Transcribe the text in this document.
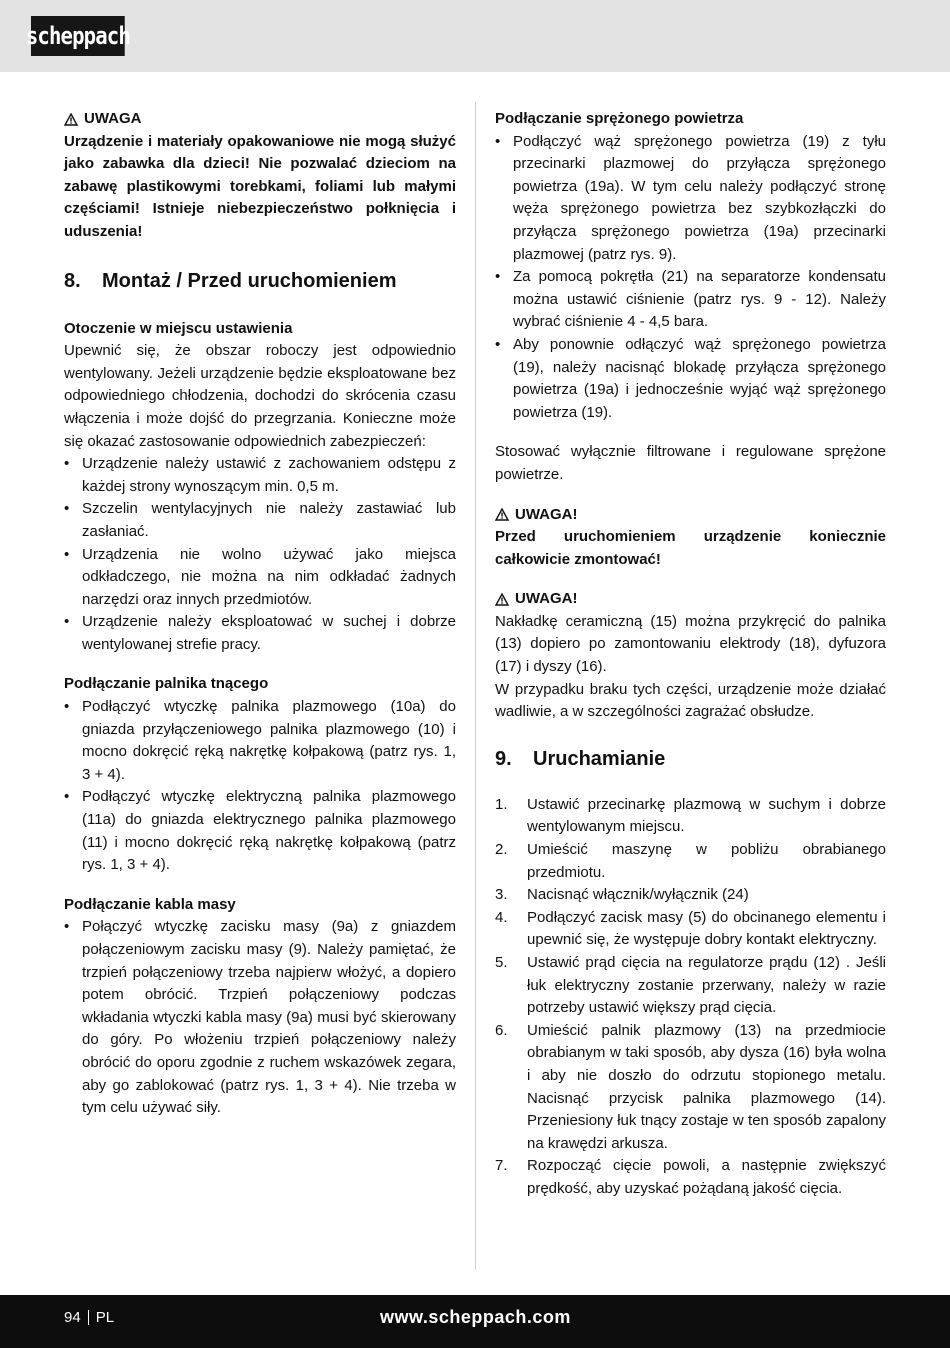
scheppach
UWAGA

Urządzenie i materiały opakowaniowe nie mogą służyć jako zabawka dla dzieci! Nie pozwalać dzieciom na zabawę plastikowymi torebkami, foliami lub małymi częściami! Istnieje niebezpieczeństwo połknięcia i uduszenia!

8.	Montaż / Przed uruchomieniem

Otoczenie w miejscu ustawienia

Upewnić się, że obszar roboczy jest odpowiednio wentylowany. Jeżeli urządzenie będzie eksploatowane bez odpowiedniego chłodzenia, dochodzi do skrócenia czasu włączenia i może dojść do przegrzania. Konieczne może się okazać zastosowanie odpowiednich zabezpieczeń:

• Urządzenie należy ustawić z zachowaniem odstępu z każdej strony wynoszącym min. 0,5 m.
• Szczelin wentylacyjnych nie należy zastawiać lub zasłaniać.
• Urządzenia nie wolno używać jako miejsca odkładczego, nie można na nim odkładać żadnych narzędzi oraz innych przedmiotów.
• Urządzenie należy eksploatować w suchej i dobrze wentylowanej strefie pracy.

Podłączanie palnika tnącego

• Podłączyć wtyczkę palnika plazmowego (10a) do gniazda przyłączeniowego palnika plazmowego (10) i mocno dokręcić ręką nakrętkę kołpakową (patrz rys. 1, 3 + 4).
• Podłączyć wtyczkę elektryczną palnika plazmowego (11a) do gniazda elektrycznego palnika plazmowego (11) i mocno dokręcić ręką nakrętkę kołpakową (patrz rys. 1, 3 + 4).

Podłączanie kabla masy

• Połączyć wtyczkę zacisku masy (9a) z gniazdem połączeniowym zacisku masy (9). Należy pamiętać, że trzpień połączeniowy trzeba najpierw włożyć, a dopiero potem obrócić. Trzpień połączeniowy podczas wkładania wtyczki kabla masy (9a) musi być skierowany do góry. Po włożeniu trzpień połączeniowy należy obrócić do oporu zgodnie z ruchem wskazówek zegara, aby go zablokować (patrz rys. 1, 3 + 4). Nie trzeba w tym celu używać siły.

Podłączanie sprężonego powietrza

• Podłączyć wąż sprężonego powietrza (19) z tyłu przecinarki plazmowej do przyłącza sprężonego powietrza (19a). W tym celu należy podłączyć stronę węża sprężonego powietrza bez szybkozłączki do przyłącza sprężonego powietrza (19a) przecinarki plazmowej (patrz rys. 9).
• Za pomocą pokrętła (21) na separatorze kondensatu można ustawić ciśnienie (patrz rys. 9 - 12). Należy wybrać ciśnienie 4 - 4,5 bara.
• Aby ponownie odłączyć wąż sprężonego powietrza (19), należy nacisnąć blokadę przyłącza sprężonego powietrza (19a) i jednocześnie wyjąć wąż sprężonego powietrza (19).

Stosować wyłącznie filtrowane i regulowane sprężone powietrze.

UWAGA!

Przed uruchomieniem urządzenie koniecznie całkowicie zmontować!

UWAGA!

Nakładkę ceramiczną (15) można przykręcić do palnika (13) dopiero po zamontowaniu elektrody (18), dyfuzora (17) i dyszy (16).

W przypadku braku tych części, urządzenie może działać wadliwie, a w szczególności zagrażać obsłudze.

9.	Uruchamianie
1. Ustawić przecinarkę plazmową w suchym i dobrze wentylowanym miejscu.
2. Umieścić maszynę w pobliżu obrabianego przedmiotu.
3. Nacisnąć włącznik/wyłącznik (24)
4. Podłączyć zacisk masy (5) do obcinanego elementu i upewnić się, że występuje dobry kontakt elektryczny.
5. Ustawić prąd cięcia na regulatorze prądu (12) . Jeśli łuk elektryczny zostanie przerwany, należy w razie potrzeby ustawić większy prąd cięcia.
6. Umieścić palnik plazmowy (13) na przedmiocie obrabianym w taki sposób, aby dysza (16) była wolna i aby nie doszło do odrzutu stopionego metalu. Nacisnąć przycisk palnika plazmowego (14). Przeniesiony łuk tnący zostaje w ten sposób zapalony na krawędzi arkusza.
7. Rozpocząć cięcie powoli, a następnie zwiększyć prędkość, aby uzyskać pożądaną jakość cięcia.
94 PL	www.scheppach.com
